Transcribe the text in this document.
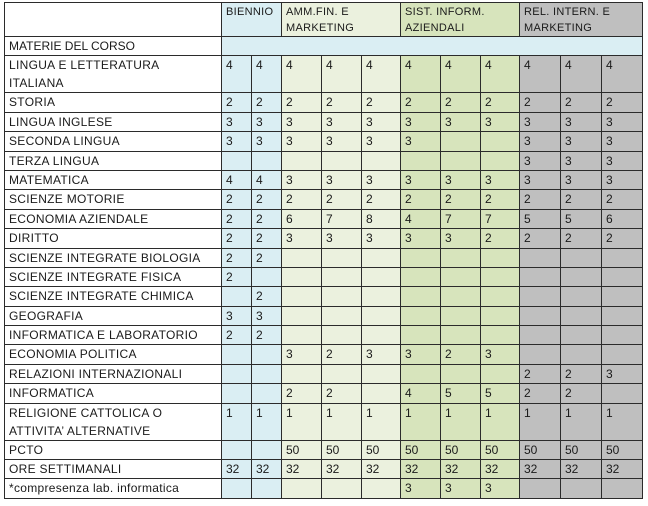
	BIENNIO		AMM.FIN. E MARKETING			SIST. INFORM. AZIENDALI			REL. INTERN. E MARKETING		
MATERIE DEL CORSO											
LINGUA E LETTERATURA ITALIANA	4	4	4	4	4	4	4	4	4	4	4
STORIA	2	2	2	2	2	2	2	2	2	2	2
LINGUA INGLESE	3	3	3	3	3	3	3	3	3	3	3
SECONDA LINGUA	3	3	3	3	3	3			3	3	3
TERZA LINGUA									3	3	3
MATEMATICA	4	4	3	3	3	3	3	3	3	3	3
SCIENZE MOTORIE	2	2	2	2	2	2	2	2	2	2	2
ECONOMIA AZIENDALE	2	2	6	7	8	4	7	7	5	5	6
DIRITTO	2	2	3	3	3	3	3	2	2	2	2
SCIENZE INTEGRATE BIOLOGIA	2	2									
SCIENZE INTEGRATE FISICA	2										
SCIENZE INTEGRATE CHIMICA		2									
GEOGRAFIA	3	3									
INFORMATICA E LABORATORIO	2	2									
ECONOMIA POLITICA			3	2	3	3	2	3			
RELAZIONI INTERNAZIONALI									2	2	3
INFORMATICA			2	2		4	5	5	2	2	
RELIGIONE CATTOLICA O ATTIVITA’ ALTERNATIVE	1	1	1	1	1	1	1	1	1	1	1
PCTO			50	50	50	50	50	50	50	50	50
ORE SETTIMANALI	32	32	32	32	32	32	32	32	32	32	32
*compresenza lab. informatica						3	3	3			
